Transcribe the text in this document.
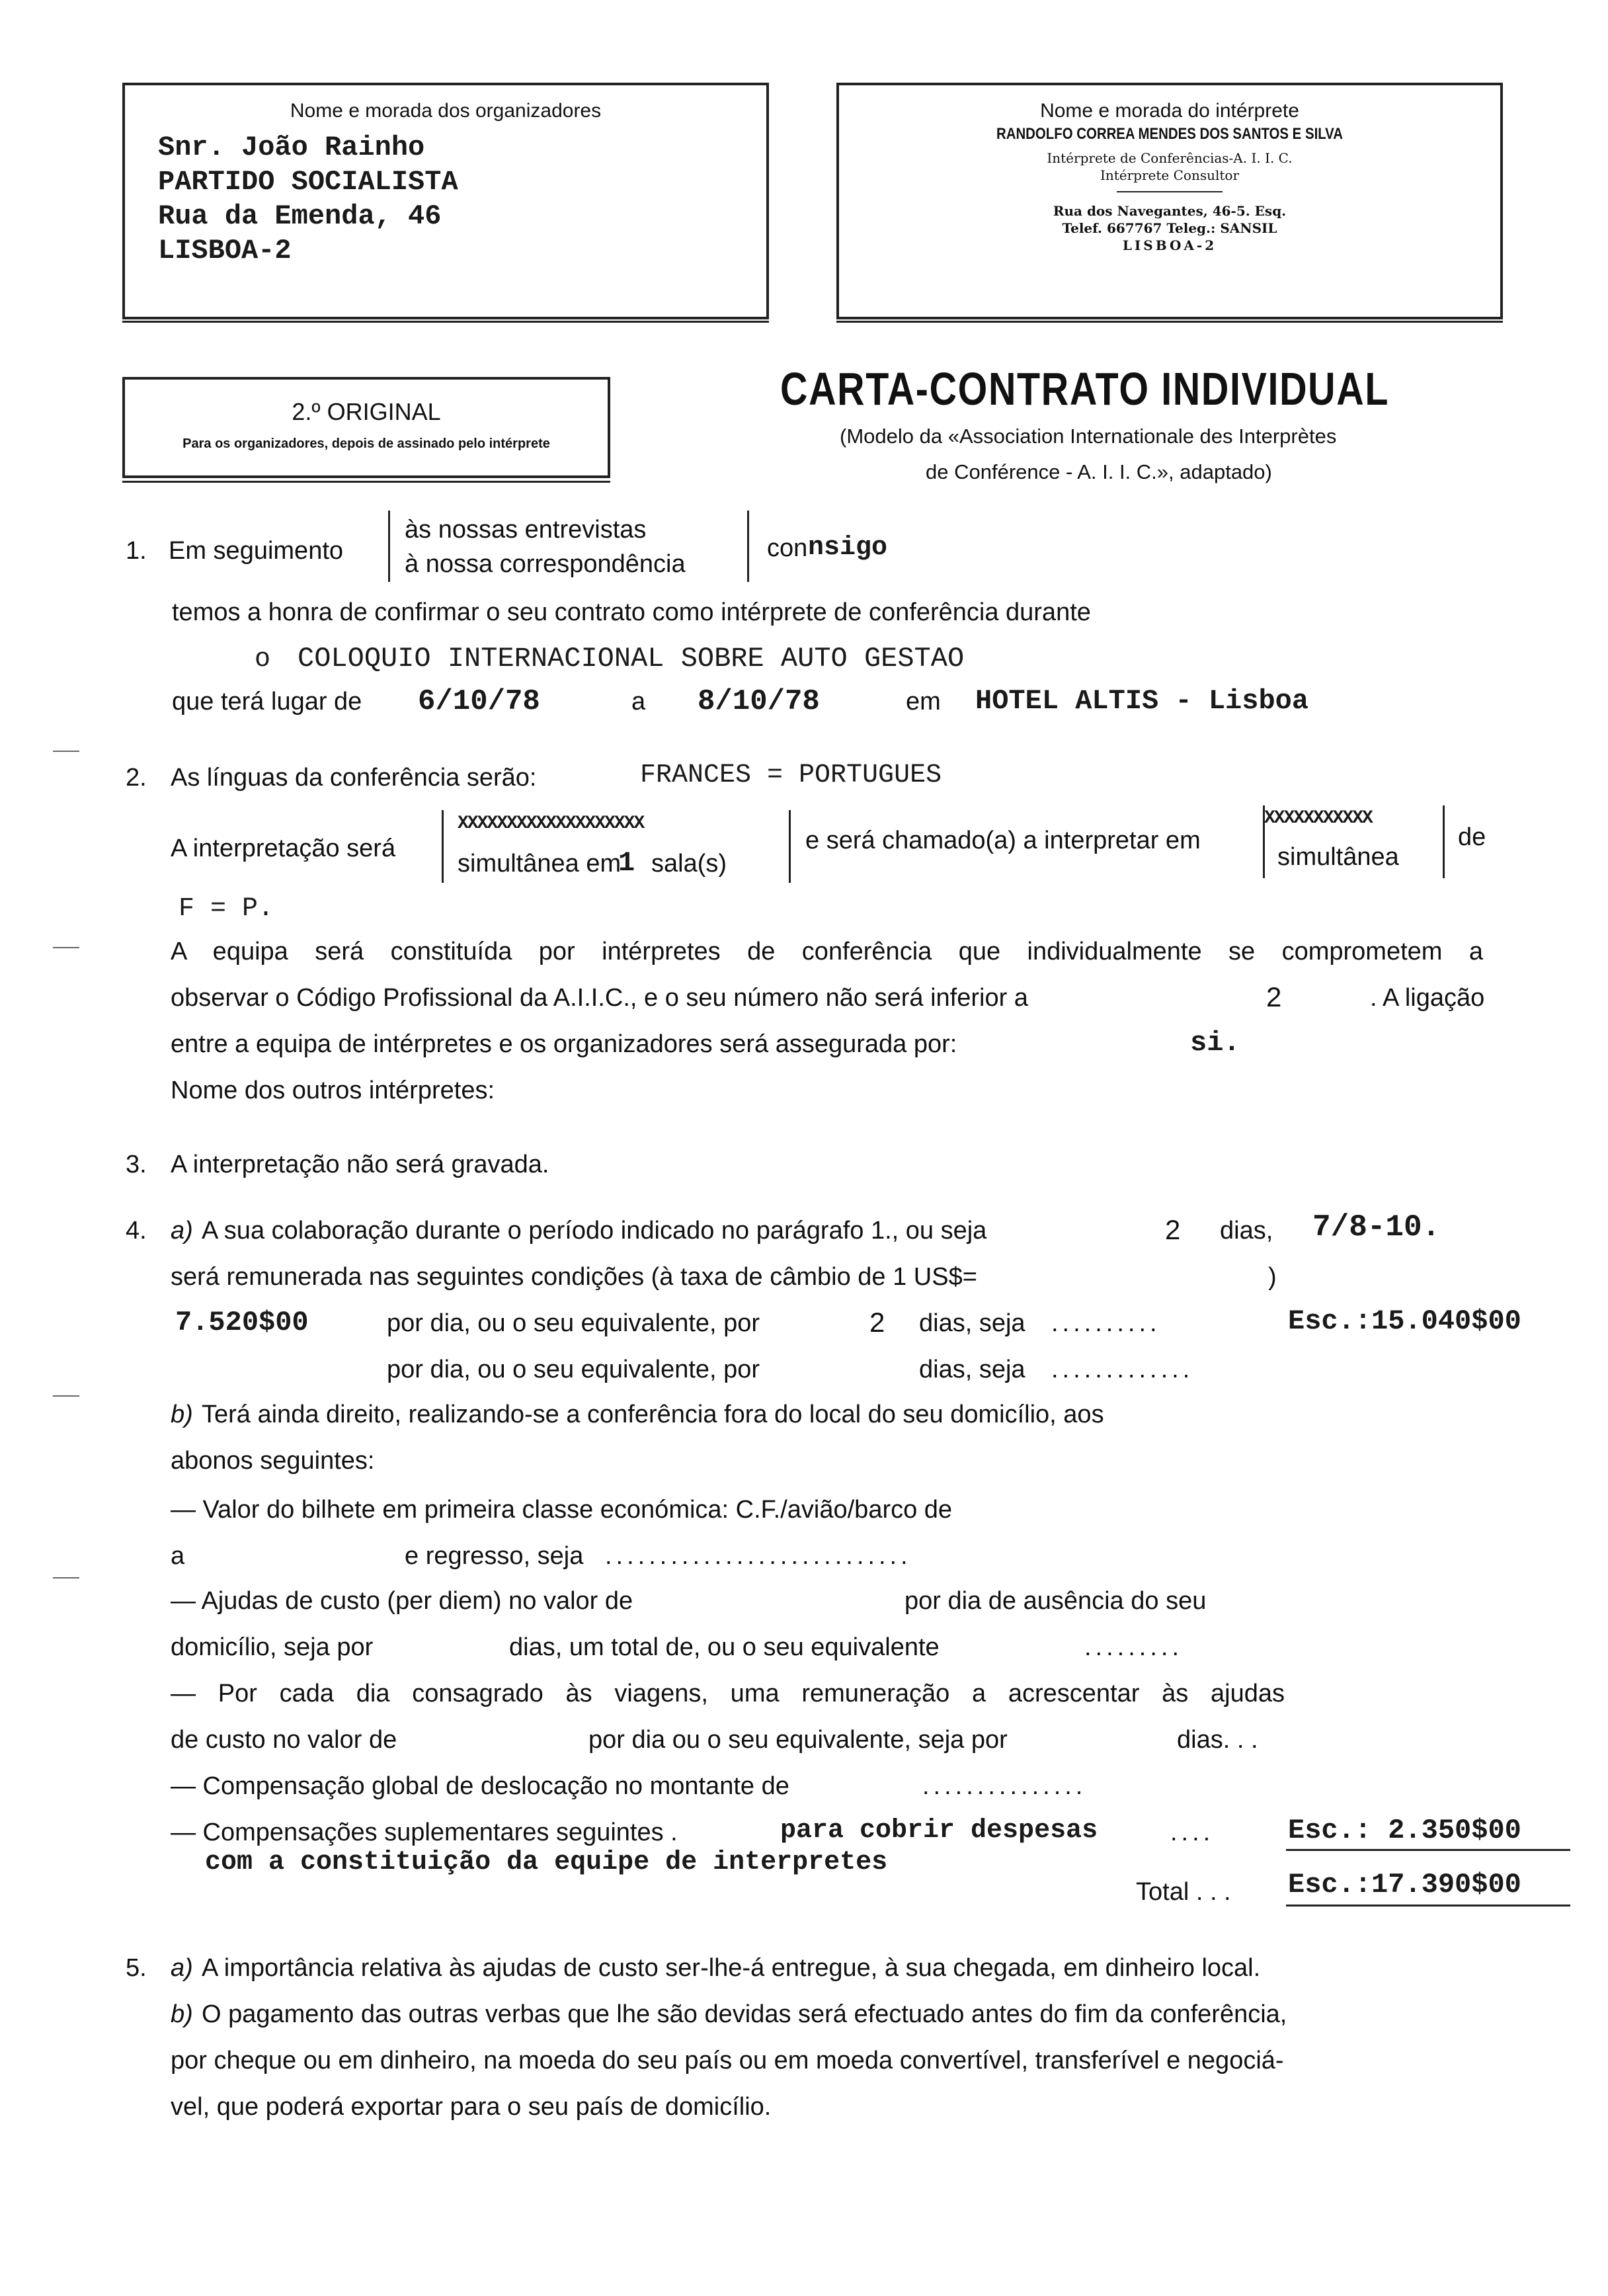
Nome e morada dos organizadores
Snr. João Rainho
PARTIDO SOCIALISTA
Rua da Emenda, 46
LISBOA-2
Nome e morada do intérprete
RANDOLFO CORREA MENDES DOS SANTOS E SILVA
Intérprete de Conferências-A. I. I. C.
Intérprete Consultor
Rua dos Navegantes, 46-5. Esq.
Telef. 667767 Teleg.: SANSIL
LISBOA-2
2.º ORIGINAL
Para os organizadores, depois de assinado pelo intérprete
CARTA-CONTRATO INDIVIDUAL
(Modelo da «Association Internationale des Interprètes
de Conférence - A. I. I. C.», adaptado)
1. Em seguimento
às nossas entrevistas
à nossa correspondência
con nsigo
temos a honra de confirmar o seu contrato como intérprete de conferência durante
o COLOQUIO INTERNACIONAL SOBRE AUTO GESTAO
que terá lugar de 6/10/78	a 8/10/78	em HOTEL ALTIS - Lisboa
2. As línguas da conferência serão:	FRANCES = PORTUGUES
A interpretação será
XXXXXXXXXXXXXXXXXXX
simultânea em
1 sala(s)
e será chamado(a) a interpretar em
XXXXXXXXXXX
simultânea
de
F = P.
A equipa será constituída por intérpretes de conferência que individualmente se comprometem a
observar o Código Profissional da A.I.I.C., e o seu número não será inferior a	2	. A ligação
entre a equipa de intérpretes e os organizadores será assegurada por:	si.
Nome dos outros intérpretes:
3. A interpretação não será gravada.
4. a) A sua colaboração durante o período indicado no parágrafo 1., ou seja	2 dias, 7/8-10.
será remunerada nas seguintes condições (à taxa de câmbio de 1 US$=	)
7.520$00	por dia, ou o seu equivalente, por	2 dias, seja ..........	Esc.:15.040$00
por dia, ou o seu equivalente, por	dias, seja .............
b) Terá ainda direito, realizando-se a conferência fora do local do seu domicílio, aos
abonos seguintes:
— Valor do bilhete em primeira classe económica: C.F./avião/barco de
a	e regresso, seja ............................
— Ajudas de custo (per diem) no valor de	por dia de ausência do seu
domicílio, seja por	dias, um total de, ou o seu equivalente	.........
— Por cada dia consagrado às viagens, uma remuneração a acrescentar às ajudas
de custo no valor de	por dia ou o seu equivalente, seja por	dias. . .
— Compensação global de deslocação no montante de	...............
— Compensações suplementares seguintes .	para cobrir despesas	....	Esc.: 2.350$00
com a constituição da equipe de interpretes
Total . . . Esc.:17.390$00
5. a) A importância relativa às ajudas de custo ser-lhe-á entregue, à sua chegada, em dinheiro local.
b) O pagamento das outras verbas que lhe são devidas será efectuado antes do fim da conferência,
por cheque ou em dinheiro, na moeda do seu país ou em moeda convertível, transferível e negociá-
vel, que poderá exportar para o seu país de domicílio.
